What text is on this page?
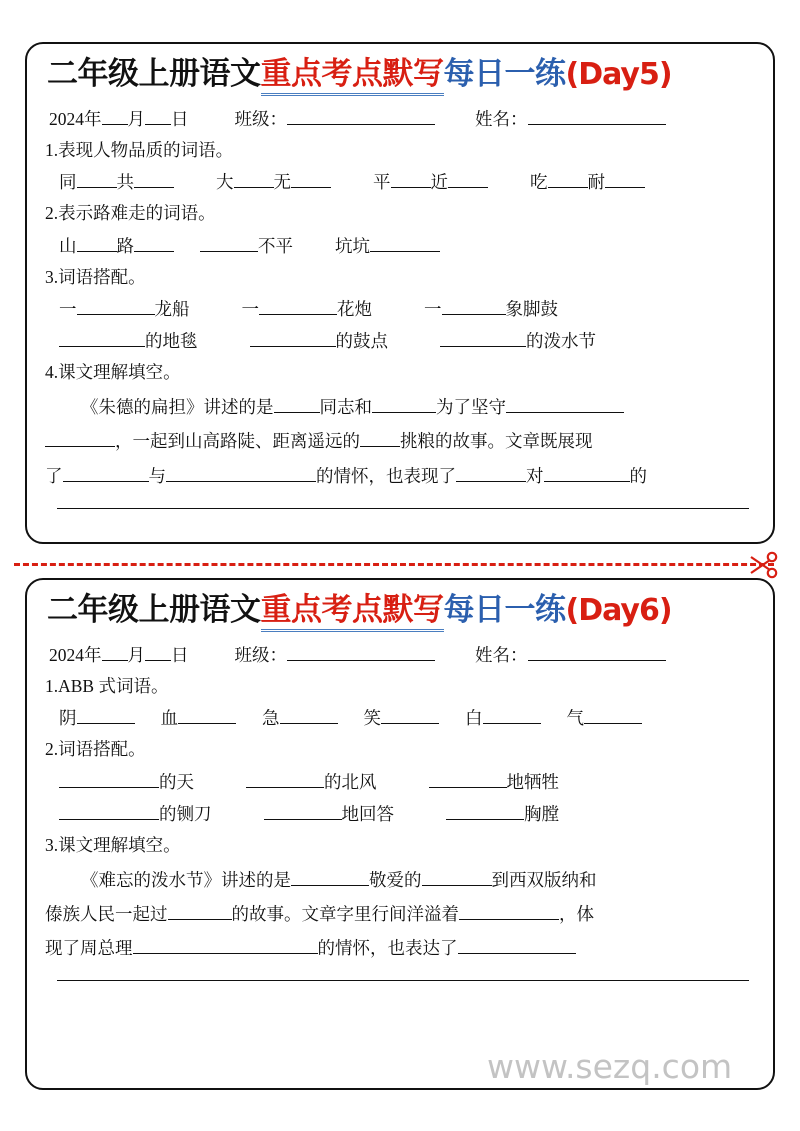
二年级上册语文 重点考点默写 每日一练 (Day5)
2024 年 月 日	班级：	姓名：
1.表现人物品质的词语。
同 共	大 无	平 近	吃 耐
2.表示路难走的词语。
山 路	不平 坑坑
3.词语搭配。
一	龙船	一	花炮	一	象脚鼓
的地毯	的鼓点	的泼水节
4.课文理解填空。
《朱德的扁担》讲述的是	同志和	为了坚守
，一起到山高路陡、距离遥远的 挑粮的故事。文章既展现
了	与	的情怀，也表现了	对	的
二年级上册语文 重点考点默写 每日一练 (Day6)
2024 年 月 日	班级：	姓名：
1.ABB 式词语。
阴	血	急	笑	白	气
2.词语搭配。
的天	的北风	地牺牲
的铡刀	地回答	胸膛
3.课文理解填空。
《难忘的泼水节》讲述的是	敬爱的	到西双版纳和
傣族人民一起过	的故事。文章字里行间洋溢着	，体
现了周总理	的情怀，也表达了
www.sezq.com
